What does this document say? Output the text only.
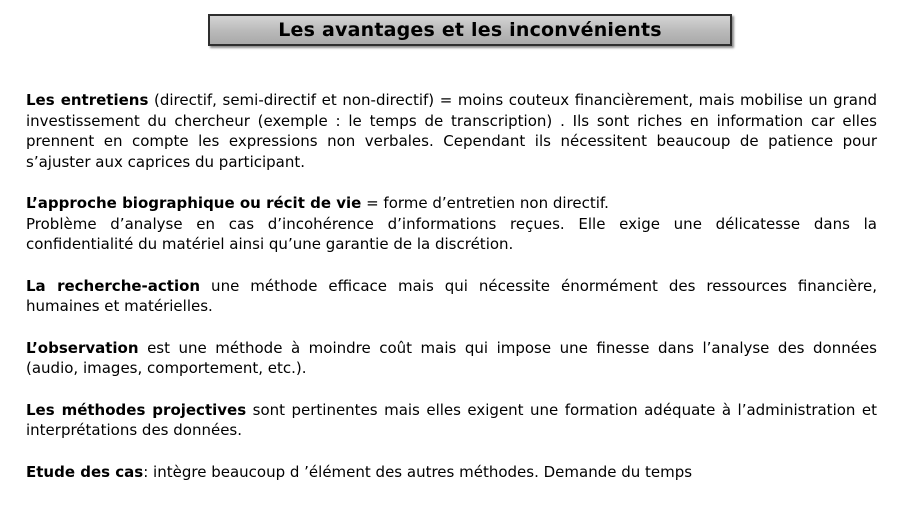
Les avantages et les inconvénients

Les entretiens (directif, semi-directif et non-directif) = moins couteux financièrement, mais mobilise un grand investissement du chercheur (exemple : le temps de transcription) . Ils sont riches en information car elles prennent en compte les expressions non verbales. Cependant ils nécessitent beaucoup de patience pour s’ajuster aux caprices du participant.

L’approche biographique ou récit de vie = forme d’entretien non directif.
Problème d’analyse en cas d’incohérence d’informations reçues. Elle exige une délicatesse dans la confidentialité du matériel ainsi qu’une garantie de la discrétion.

La recherche-action une méthode efficace mais qui nécessite énormément des ressources financière, humaines et matérielles.

L’observation est une méthode à moindre coût mais qui impose une finesse dans l’analyse des données (audio, images, comportement, etc.).

Les méthodes projectives sont pertinentes mais elles exigent une formation adéquate à l’administration et interprétations des données.

Etude des cas: intègre beaucoup d ’élément des autres méthodes. Demande du temps
